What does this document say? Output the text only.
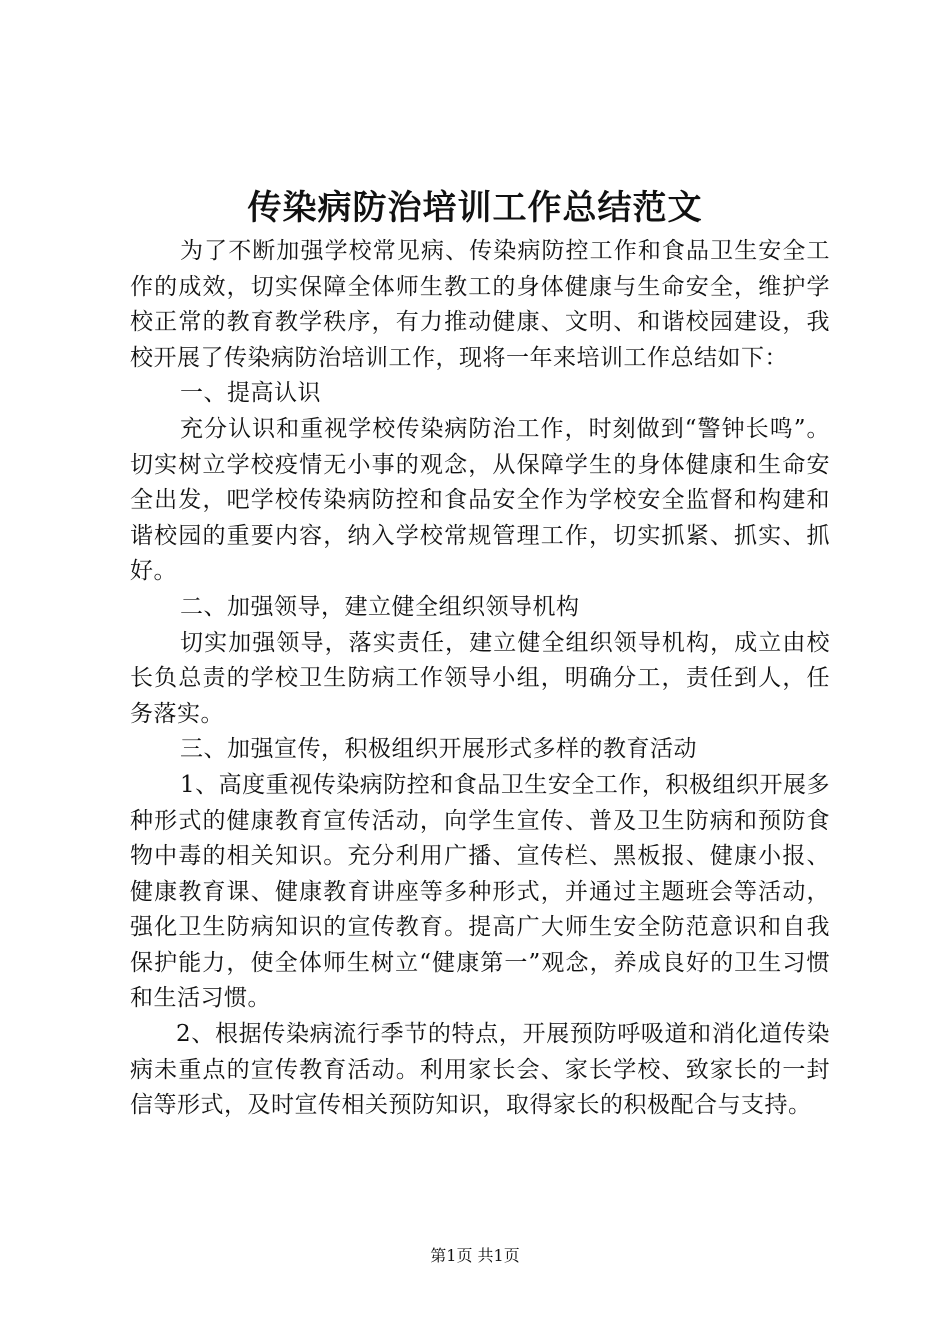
传染病防治培训工作总结范文

为了不断加强学校常见病、传染病防控工作和食品卫生安全工作的成效，切实保障全体师生教工的身体健康与生命安全，维护学校正常的教育教学秩序，有力推动健康、文明、和谐校园建设，我校开展了传染病防治培训工作，现将一年来培训工作总结如下：

一、提高认识

充分认识和重视学校传染病防治工作，时刻做到“警钟长鸣”。切实树立学校疫情无小事的观念，从保障学生的身体健康和生命安全出发，吧学校传染病防控和食品安全作为学校安全监督和构建和谐校园的重要内容，纳入学校常规管理工作，切实抓紧、抓实、抓好。

二、加强领导，建立健全组织领导机构

切实加强领导，落实责任，建立健全组织领导机构，成立由校长负总责的学校卫生防病工作领导小组，明确分工，责任到人，任务落实。

三、加强宣传，积极组织开展形式多样的教育活动

1、高度重视传染病防控和食品卫生安全工作，积极组织开展多种形式的健康教育宣传活动，向学生宣传、普及卫生防病和预防食物中毒的相关知识。充分利用广播、宣传栏、黑板报、健康小报、健康教育课、健康教育讲座等多种形式，并通过主题班会等活动，强化卫生防病知识的宣传教育。提高广大师生安全防范意识和自我保护能力，使全体师生树立“健康第一”观念，养成良好的卫生习惯和生活习惯。

2、根据传染病流行季节的特点，开展预防呼吸道和消化道传染病未重点的宣传教育活动。利用家长会、家长学校、致家长的一封信等形式，及时宣传相关预防知识，取得家长的积极配合与支持。

第1页 共1页
